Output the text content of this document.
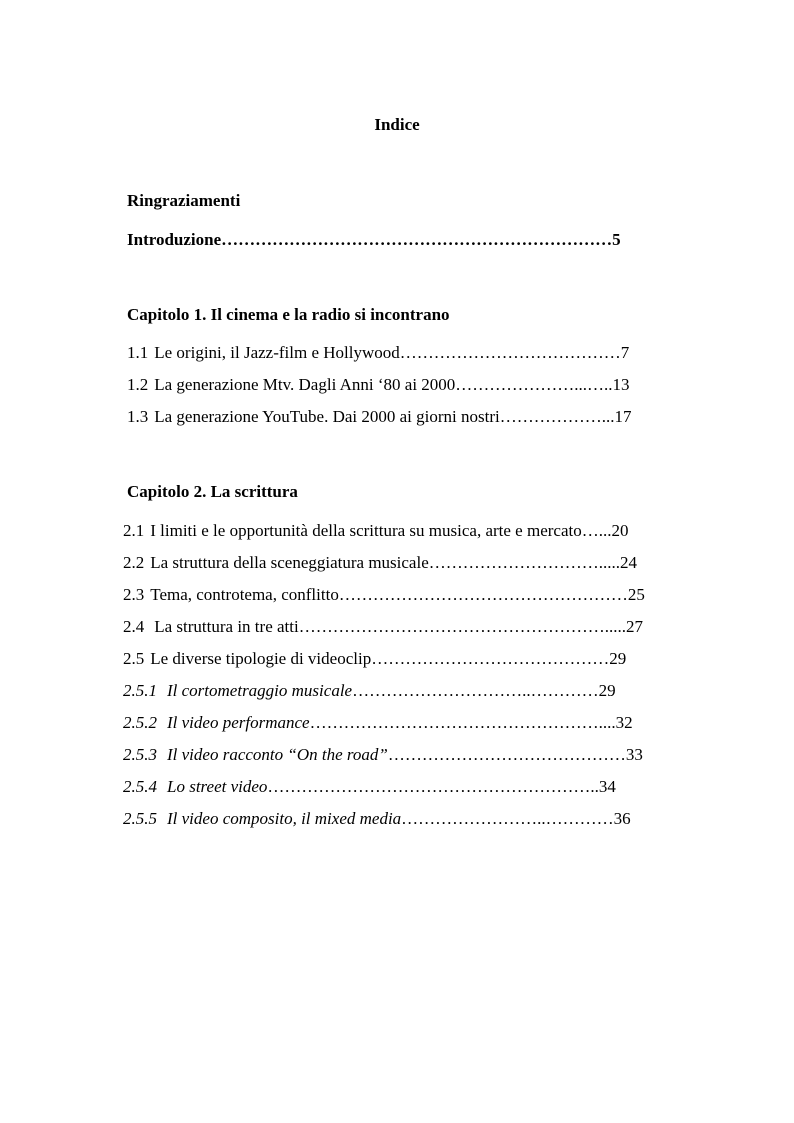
Indice
Ringraziamenti
Introduzione……………………………………………………………5
Capitolo 1. Il cinema e la radio si incontrano
1.1 Le origini, il Jazz-film e Hollywood…………………………………7
1.2 La generazione Mtv. Dagli Anni ‘80 ai 2000…………………...…..13
1.3 La generazione YouTube. Dai 2000 ai giorni nostri………………...17
Capitolo 2. La scrittura
2.1 I limiti e le opportunità della scrittura su musica, arte e mercato…...20
2.2 La struttura della sceneggiatura musicale………………………….....24
2.3 Tema, controtema, conflitto……………………………………………25
2.4 La struttura in tre atti……………………………………………….....27
2.5 Le diverse tipologie di videoclip……………………………………29
2.5.1 Il cortometraggio musicale…………………………..…………29
2.5.2 Il video performance……………………………………………....32
2.5.3 Il video racconto “On the road”……………………………………33
2.5.4 Lo street video…………………………………………………..34
2.5.5 Il video composito, il mixed media……………………..…………36
